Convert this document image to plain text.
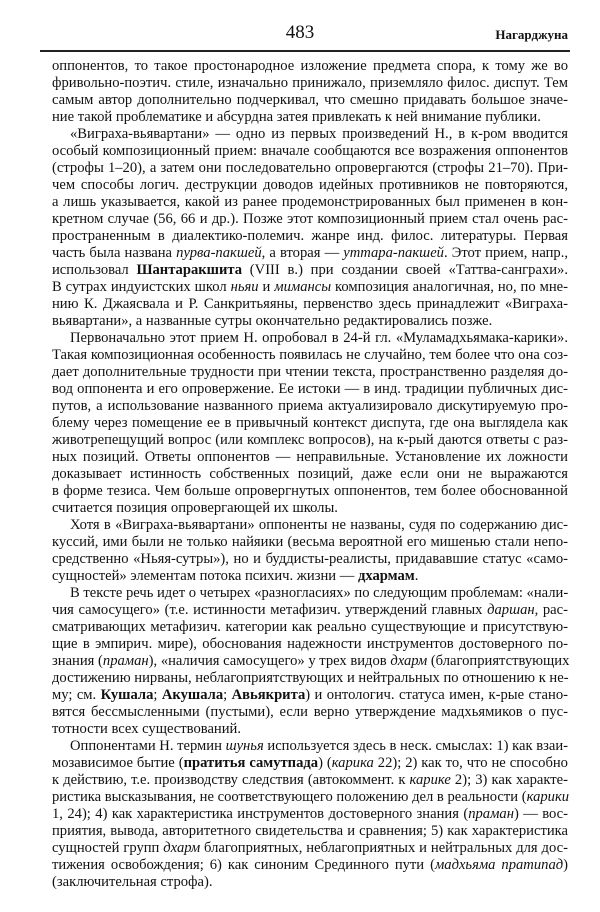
483	Нагарджуна
оппонентов, то такое простонародное изложение предмета спора, к тому же во
фривольно-поэтич. стиле, изначально принижало, приземляло филос. диспут. Тем
самым автор дополнительно подчеркивал, что смешно придавать большое значе-
ние такой проблематике и абсурдна затея привлекать к ней внимание публики.
«Виграха-вьявартани» — одно из первых произведений Н., в к-ром вводится
особый композиционный прием: вначале сообщаются все возражения оппонентов
(строфы 1–20), а затем они последовательно опровергаются (строфы 21–70). При-
чем способы логич. деструкции доводов идейных противников не повторяются,
а лишь указывается, какой из ранее продемонстрированных был применен в кон-
кретном случае (56, 66 и др.). Позже этот композиционный прием стал очень рас-
пространенным в диалектико-полемич. жанре инд. филос. литературы. Первая
часть была названа пурва-пакшей, а вторая — уттара-пакшей. Этот прием, напр.,
использовал Шантаракшита (VIII в.) при создании своей «Таттва-санграхи».
В сутрах индуистских школ ньяи и мимансы композиция аналогичная, но, по мне-
нию К. Джаясвала и Р. Санкритьяяны, первенство здесь принадлежит «Виграха-
вьявартани», а названные сутры окончательно редактировались позже.
Первоначально этот прием Н. опробовал в 24-й гл. «Муламадхьямака-карики».
Такая композиционная особенность появилась не случайно, тем более что она соз-
дает дополнительные трудности при чтении текста, пространственно разделяя до-
вод оппонента и его опровержение. Ее истоки — в инд. традиции публичных дис-
путов, а использование названного приема актуализировало дискутируемую про-
блему через помещение ее в привычный контекст диспута, где она выглядела как
животрепещущий вопрос (или комплекс вопросов), на к-рый даются ответы с раз-
ных позиций. Ответы оппонентов — неправильные. Установление их ложности
доказывает истинность собственных позиций, даже если они не выражаются
в форме тезиса. Чем больше опровергнутых оппонентов, тем более обоснованной
считается позиция опровергающей их школы.
Хотя в «Виграха-вьявартани» оппоненты не названы, судя по содержанию дис-
куссий, ими были не только найяики (весьма вероятной его мишенью стали непо-
средственно «Ньяя-сутры»), но и буддисты-реалисты, придававшие статус «само-
сущностей» элементам потока психич. жизни — дхармам.
В тексте речь идет о четырех «разногласиях» по следующим проблемам: «нали-
чия самосущего» (т.е. истинности метафизич. утверждений главных даршан, рас-
сматривающих метафизич. категории как реально существующие и присутствую-
щие в эмпирич. мире), обоснования надежности инструментов достоверного по-
знания (праман), «наличия самосущего» у трех видов дхарм (благоприятствующих
достижению нирваны, неблагоприятствующих и нейтральных по отношению к не-
му; см. Кушала; Акушала; Авьякрита) и онтологич. статуса имен, к-рые стано-
вятся бессмысленными (пустыми), если верно утверждение мадхьямиков о пус-
тотности всех существований.
Оппонентами Н. термин шунья используется здесь в неск. смыслах: 1) как взаи-
мозависимое бытие (пратитья самутпада) (карика 22); 2) как то, что не способно
к действию, т.е. производству следствия (автокоммент. к карике 2); 3) как характе-
ристика высказывания, не соответствующего положению дел в реальности (карики
1, 24); 4) как характеристика инструментов достоверного знания (праман) — вос-
приятия, вывода, авторитетного свидетельства и сравнения; 5) как характеристика
сущностей групп дхарм благоприятных, неблагоприятных и нейтральных для дос-
тижения освобождения; 6) как синоним Срединного пути (мадхьяма пратипад)
(заключительная строфа).
